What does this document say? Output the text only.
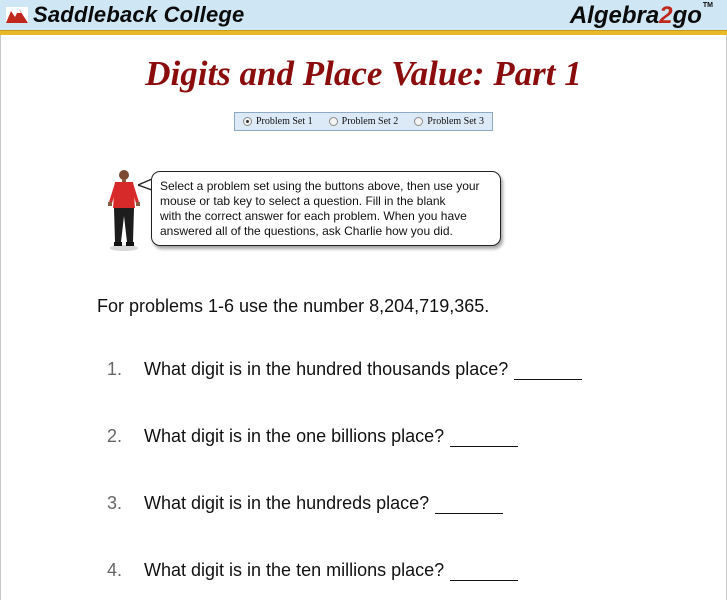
Saddleback College	Algebra2go™
Digits and Place Value: Part 1
Problem Set 1	Problem Set 2	Problem Set 3
Select a problem set using the buttons above, then use your
mouse or tab key to select a question. Fill in the blank
with the correct answer for each problem. When you have
answered all of the questions, ask Charlie how you did.
For problems 1-6 use the number 8,204,719,365.
1. What digit is in the hundred thousands place?
2. What digit is in the one billions place?
3. What digit is in the hundreds place?
4. What digit is in the ten millions place?
